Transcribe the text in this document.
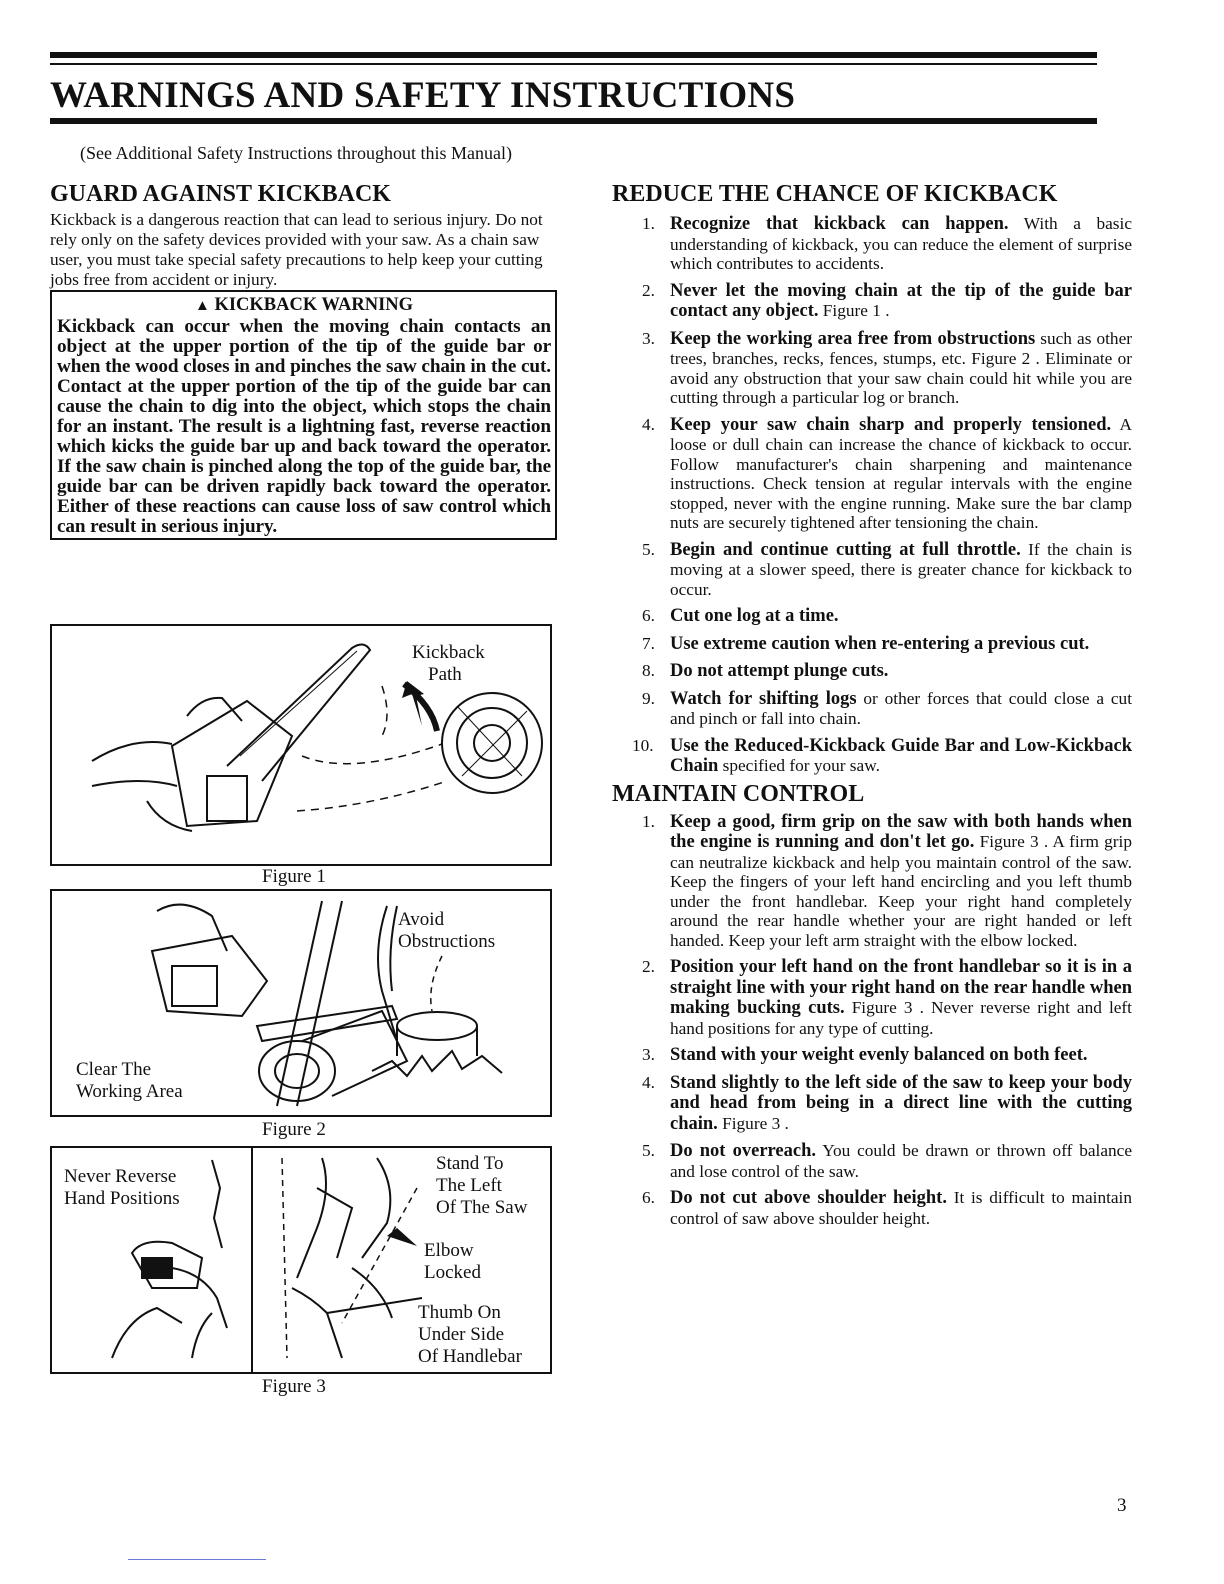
WARNINGS AND SAFETY INSTRUCTIONS
(See Additional Safety Instructions throughout this Manual)
GUARD AGAINST KICKBACK

Kickback is a dangerous reaction that can lead to serious injury. Do not rely only on the safety devices provided with your saw. As a chain saw user, you must take special safety precautions to help keep your cutting jobs free from accident or injury.

▲ KICKBACK WARNING
Kickback can occur when the moving chain contacts an object at the upper portion of the tip of the guide bar or when the wood closes in and pinches the saw chain in the cut. Contact at the upper portion of the tip of the guide bar can cause the chain to dig into the object, which stops the chain for an instant. The result is a lightning fast, reverse reaction which kicks the guide bar up and back toward the operator. If the saw chain is pinched along the top of the guide bar, the guide bar can be driven rapidly back toward the operator. Either of these reactions can cause loss of saw control which can result in serious injury.
Kickback
Path
Figure 1
Avoid
Obstructions
Clear The
Working Area
Figure 2
Never Reverse
Hand Positions
Stand To
The Left
Of The Saw
Elbow
Locked
Thumb On
Under Side
Of Handlebar
Figure 3
REDUCE THE CHANCE OF KICKBACK
1. Recognize that kickback can happen. With a basic understanding of kickback, you can reduce the element of surprise which contributes to accidents.
2. Never let the moving chain at the tip of the guide bar contact any object. Figure 1 .
3. Keep the working area free from obstructions such as other trees, branches, recks, fences, stumps, etc. Figure 2 . Eliminate or avoid any obstruction that your saw chain could hit while you are cutting through a particular log or branch.
4. Keep your saw chain sharp and properly tensioned. A loose or dull chain can increase the chance of kickback to occur. Follow manufacturer's chain sharpening and maintenance instructions. Check tension at regular intervals with the engine stopped, never with the engine running. Make sure the bar clamp nuts are securely tightened after tensioning the chain.
5. Begin and continue cutting at full throttle. If the chain is moving at a slower speed, there is greater chance for kickback to occur.
6. Cut one log at a time.
7. Use extreme caution when re-entering a previous cut.
8. Do not attempt plunge cuts.
9. Watch for shifting logs or other forces that could close a cut and pinch or fall into chain.
10. Use the Reduced-Kickback Guide Bar and Low-Kickback Chain specified for your saw.
MAINTAIN CONTROL
1. Keep a good, firm grip on the saw with both hands when the engine is running and don't let go. Figure 3 . A firm grip can neutralize kickback and help you maintain control of the saw. Keep the fingers of your left hand encircling and you left thumb under the front handlebar. Keep your right hand completely around the rear handle whether your are right handed or left handed. Keep your left arm straight with the elbow locked.
2. Position your left hand on the front handlebar so it is in a straight line with your right hand on the rear handle when making bucking cuts. Figure 3 . Never reverse right and left hand positions for any type of cutting.
3. Stand with your weight evenly balanced on both feet.
4. Stand slightly to the left side of the saw to keep your body and head from being in a direct line with the cutting chain. Figure 3 .
5. Do not overreach. You could be drawn or thrown off balance and lose control of the saw.
6. Do not cut above shoulder height. It is difficult to maintain control of saw above shoulder height.
3
